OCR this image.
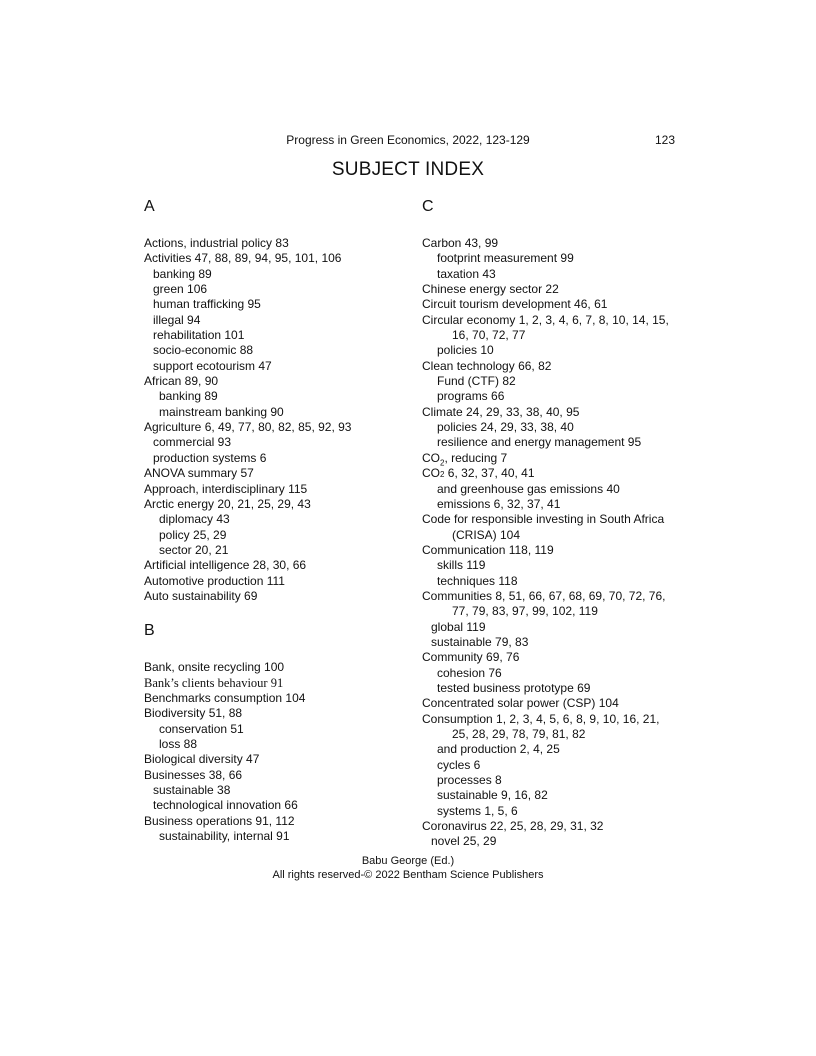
Progress in Green Economics, 2022, 123-129	123
SUBJECT INDEX
A
Actions, industrial policy 83
Activities 47, 88, 89, 94, 95, 101, 106
banking 89
green 106
human trafficking 95
illegal 94
rehabilitation 101
socio-economic 88
support ecotourism 47
African 89, 90
banking 89
mainstream banking 90
Agriculture 6, 49, 77, 80, 82, 85, 92, 93
commercial 93
production systems 6
ANOVA summary 57
Approach, interdisciplinary 115
Arctic energy 20, 21, 25, 29, 43
diplomacy 43
policy 25, 29
sector 20, 21
Artificial intelligence 28, 30, 66
Automotive production 111
Auto sustainability 69
B
Bank, onsite recycling 100
Bank’s clients behaviour 91
Benchmarks consumption 104
Biodiversity 51, 88
conservation 51
loss 88
Biological diversity 47
Businesses 38, 66
sustainable 38
technological innovation 66
Business operations 91, 112
sustainability, internal 91
C
Carbon 43, 99
footprint measurement 99
taxation 43
Chinese energy sector 22
Circuit tourism development 46, 61
Circular economy 1, 2, 3, 4, 6, 7, 8, 10, 14, 15,
16, 70, 72, 77
policies 10
Clean technology 66, 82
Fund (CTF) 82
programs 66
Climate 24, 29, 33, 38, 40, 95
policies 24, 29, 33, 38, 40
resilience and energy management 95
$CO_2$, reducing 7
CO2 6, 32, 37, 40, 41
and greenhouse gas emissions 40
emissions 6, 32, 37, 41
Code for responsible investing in South Africa
(CRISA) 104
Communication 118, 119
skills 119
techniques 118
Communities 8, 51, 66, 67, 68, 69, 70, 72, 76,
77, 79, 83, 97, 99, 102, 119
global 119
sustainable 79, 83
Community 69, 76
cohesion 76
tested business prototype 69
Concentrated solar power (CSP) 104
Consumption 1, 2, 3, 4, 5, 6, 8, 9, 10, 16, 21,
25, 28, 29, 78, 79, 81, 82
and production 2, 4, 25
cycles 6
processes 8
sustainable 9, 16, 82
systems 1, 5, 6
Coronavirus 22, 25, 28, 29, 31, 32
novel 25, 29
Babu George (Ed.)
All rights reserved-© 2022 Bentham Science Publishers
